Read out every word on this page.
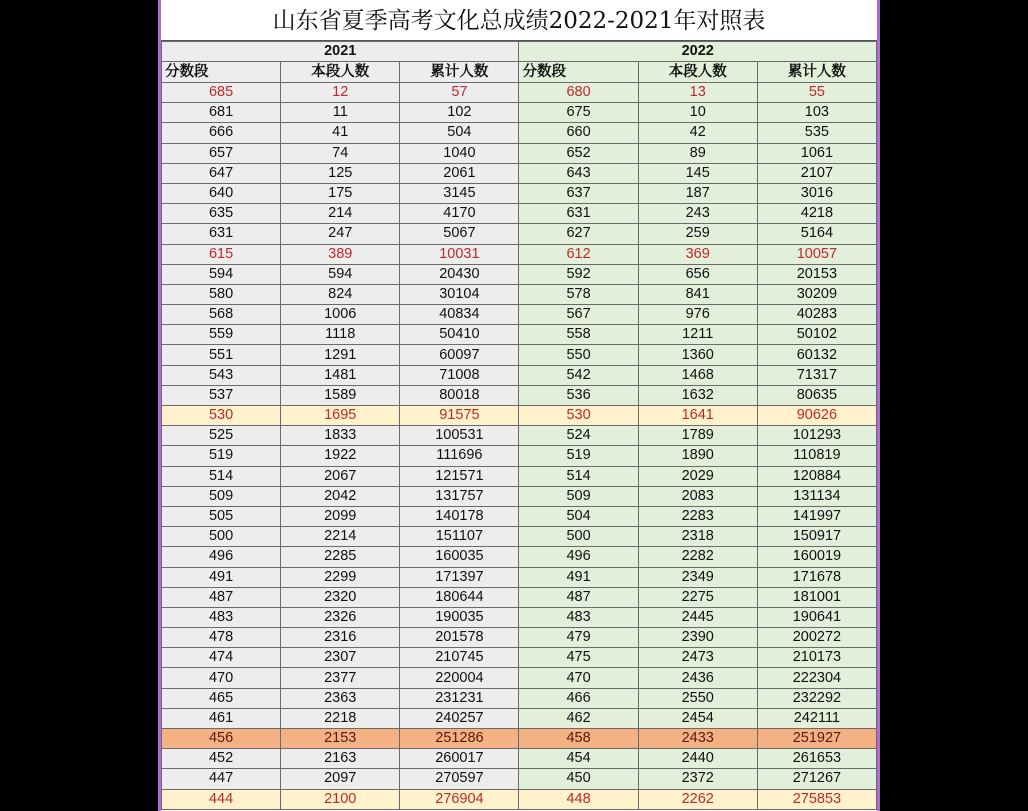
山东省夏季高考文化总成绩2022-2021年对照表
2021			2022		
分数段	本段人数	累计人数	分数段	本段人数	累计人数
685	12	57	680	13	55
681	11	102	675	10	103
666	41	504	660	42	535
657	74	1040	652	89	1061
647	125	2061	643	145	2107
640	175	3145	637	187	3016
635	214	4170	631	243	4218
631	247	5067	627	259	5164
615	389	10031	612	369	10057
594	594	20430	592	656	20153
580	824	30104	578	841	30209
568	1006	40834	567	976	40283
559	1118	50410	558	1211	50102
551	1291	60097	550	1360	60132
543	1481	71008	542	1468	71317
537	1589	80018	536	1632	80635
530	1695	91575	530	1641	90626
525	1833	100531	524	1789	101293
519	1922	111696	519	1890	110819
514	2067	121571	514	2029	120884
509	2042	131757	509	2083	131134
505	2099	140178	504	2283	141997
500	2214	151107	500	2318	150917
496	2285	160035	496	2282	160019
491	2299	171397	491	2349	171678
487	2320	180644	487	2275	181001
483	2326	190035	483	2445	190641
478	2316	201578	479	2390	200272
474	2307	210745	475	2473	210173
470	2377	220004	470	2436	222304
465	2363	231231	466	2550	232292
461	2218	240257	462	2454	242111
456	2153	251286	458	2433	251927
452	2163	260017	454	2440	261653
447	2097	270597	450	2372	271267
444	2100	276904	448	2262	275853
